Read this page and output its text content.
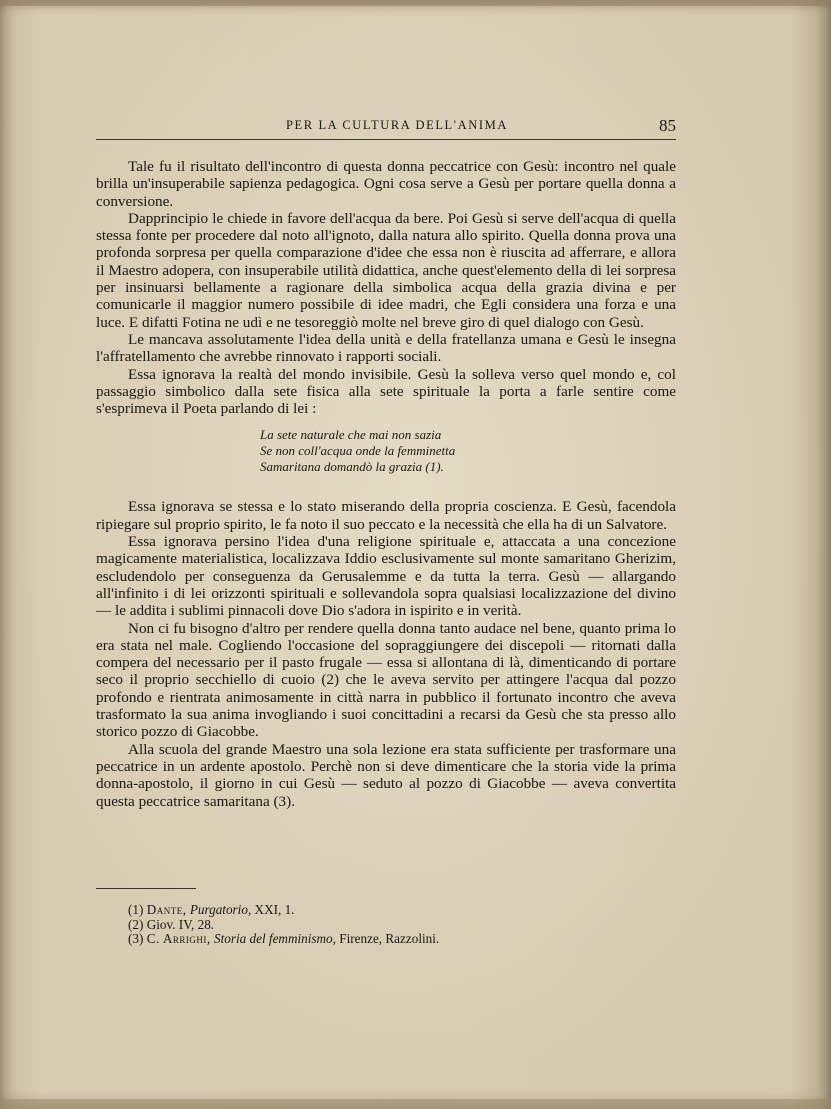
PER LA CULTURA DELL'ANIMA	85

Tale fu il risultato dell'incontro di questa donna peccatrice con Gesù: incontro nel quale brilla un'insuperabile sapienza pedagogica. Ogni cosa serve a Gesù per portare quella donna a conversione.

Dapprincipio le chiede in favore dell'acqua da bere. Poi Gesù si serve dell'acqua di quella stessa fonte per procedere dal noto all'ignoto, dalla natura allo spirito. Quella donna prova una profonda sorpresa per quella comparazione d'idee che essa non è riuscita ad afferrare, e allora il Maestro adopera, con insuperabile utilità didattica, anche quest'elemento della di lei sorpresa per insinuarsi bellamente a ragionare della simbolica acqua della grazia divina e per comunicarle il maggior numero possibile di idee madri, che Egli considera una forza e una luce. E difatti Fotina ne udì e ne tesoreggiò molte nel breve giro di quel dialogo con Gesù.

Le mancava assolutamente l'idea della unità e della fratellanza umana e Gesù le insegna l'affratellamento che avrebbe rinnovato i rapporti sociali.

Essa ignorava la realtà del mondo invisibile. Gesù la solleva verso quel mondo e, col passaggio simbolico dalla sete fisica alla sete spirituale la porta a farle sentire come s'esprimeva il Poeta parlando di lei :

La sete naturale che mai non sazia
Se non coll'acqua onde la femminetta
Samaritana domandò la grazia (1).

Essa ignorava se stessa e lo stato miserando della propria coscienza. E Gesù, facendola ripiegare sul proprio spirito, le fa noto il suo peccato e la necessità che ella ha di un Salvatore.

Essa ignorava persino l'idea d'una religione spirituale e, attaccata a una concezione magicamente materialistica, localizzava Iddio esclusivamente sul monte samaritano Gherizim, escludendolo per conseguenza da Gerusalemme e da tutta la terra. Gesù — allargando all'infinito i di lei orizzonti spirituali e sollevandola sopra qualsiasi localizzazione del divino — le addita i sublimi pinnacoli dove Dio s'adora in ispirito e in verità.

Non ci fu bisogno d'altro per rendere quella donna tanto audace nel bene, quanto prima lo era stata nel male. Cogliendo l'occasione del sopraggiungere dei discepoli — ritornati dalla compera del necessario per il pasto frugale — essa si allontana di là, dimenticando di portare seco il proprio secchiello di cuoio (2) che le aveva servito per attingere l'acqua dal pozzo profondo e rientrata animosamente in città narra in pubblico il fortunato incontro che aveva trasformato la sua anima invogliando i suoi concittadini a recarsi da Gesù che sta presso allo storico pozzo di Giacobbe.

Alla scuola del grande Maestro una sola lezione era stata sufficiente per trasformare una peccatrice in un ardente apostolo. Perchè non si deve dimenticare che la storia vide la prima donna-apostolo, il giorno in cui Gesù — seduto al pozzo di Giacobbe — aveva convertita questa peccatrice samaritana (3).

(1) Dante, Purgatorio, XXI, 1.
(2) Giov. IV, 28.
(3) C. Arrighi, Storia del femminismo, Firenze, Razzolini.
